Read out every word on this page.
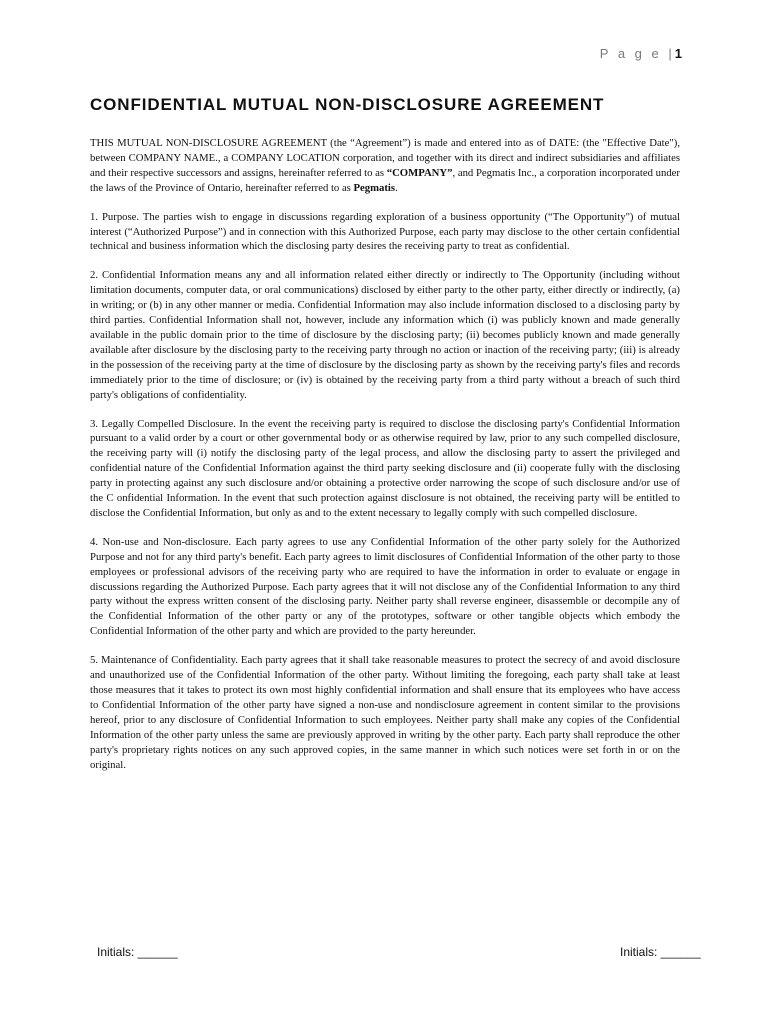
P a g e |1
CONFIDENTIAL MUTUAL NON-DISCLOSURE AGREEMENT

THIS MUTUAL NON-DISCLOSURE AGREEMENT (the “Agreement”) is made and entered into as of DATE: (the "Effective Date"), between COMPANY NAME., a COMPANY LOCATION corporation, and together with its direct and indirect subsidiaries and affiliates and their respective successors and assigns, hereinafter referred to as “COMPANY”, and Pegmatis Inc., a corporation incorporated under the laws of the Province of Ontario, hereinafter referred to as Pegmatis.

1. Purpose. The parties wish to engage in discussions regarding exploration of a business opportunity (“The Opportunity") of mutual interest (“Authorized Purpose”) and in connection with this Authorized Purpose, each party may disclose to the other certain confidential technical and business information which the disclosing party desires the receiving party to treat as confidential.

2. Confidential Information means any and all information related either directly or indirectly to The Opportunity (including without limitation documents, computer data, or oral communications) disclosed by either party to the other party, either directly or indirectly, (a) in writing; or (b) in any other manner or media. Confidential Information may also include information disclosed to a disclosing party by third parties. Confidential Information shall not, however, include any information which (i) was publicly known and made generally available in the public domain prior to the time of disclosure by the disclosing party; (ii) becomes publicly known and made generally available after disclosure by the disclosing party to the receiving party through no action or inaction of the receiving party; (iii) is already in the possession of the receiving party at the time of disclosure by the disclosing party as shown by the receiving party's files and records immediately prior to the time of disclosure; or (iv) is obtained by the receiving party from a third party without a breach of such third party's obligations of confidentiality.

3. Legally Compelled Disclosure. In the event the receiving party is required to disclose the disclosing party's Confidential Information pursuant to a valid order by a court or other governmental body or as otherwise required by law, prior to any such compelled disclosure, the receiving party will (i) notify the disclosing party of the legal process, and allow the disclosing party to assert the privileged and confidential nature of the Confidential Information against the third party seeking disclosure and (ii) cooperate fully with the disclosing party in protecting against any such disclosure and/or obtaining a protective order narrowing the scope of such disclosure and/or use of the C onfidential Information. In the event that such protection against disclosure is not obtained, the receiving party will be entitled to disclose the Confidential Information, but only as and to the extent necessary to legally comply with such compelled disclosure.

4. Non-use and Non-disclosure. Each party agrees to use any Confidential Information of the other party solely for the Authorized Purpose and not for any third party's benefit. Each party agrees to limit disclosures of Confidential Information of the other party to those employees or professional advisors of the receiving party who are required to have the information in order to evaluate or engage in discussions regarding the Authorized Purpose. Each party agrees that it will not disclose any of the Confidential Information to any third party without the express written consent of the disclosing party. Neither party shall reverse engineer, disassemble or decompile any of the Confidential Information of the other party or any of the prototypes, software or other tangible objects which embody the Confidential Information of the other party and which are provided to the party hereunder.

5. Maintenance of Confidentiality. Each party agrees that it shall take reasonable measures to protect the secrecy of and avoid disclosure and unauthorized use of the Confidential Information of the other party. Without limiting the foregoing, each party shall take at least those measures that it takes to protect its own most highly confidential information and shall ensure that its employees who have access to Confidential Information of the other party have signed a non-use and nondisclosure agreement in content similar to the provisions hereof, prior to any disclosure of Confidential Information to such employees. Neither party shall make any copies of the Confidential Information of the other party unless the same are previously approved in writing by the other party. Each party shall reproduce the other party's proprietary rights notices on any such approved copies, in the same manner in which such notices were set forth in or on the original.

Initials: ______	Initials: ______
